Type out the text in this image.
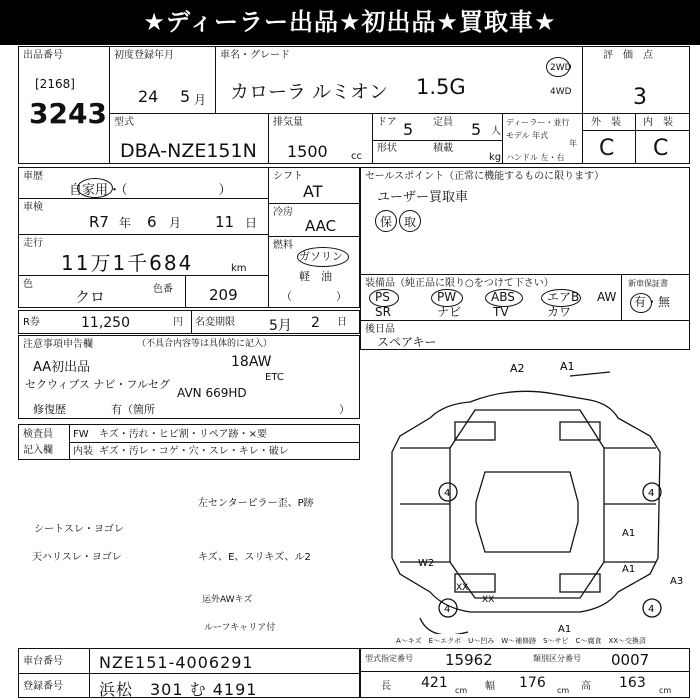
★ディーラー出品★初出品★買取車★
出品番号
[2168]
3243
初度登録年月
24 5 月
車名・グレード
カローラ ルミオン 1.5G
2WD
4WD
評　価　点
3
型式
DBA-NZE151N
排気量
1500 cc
ドア 5 定員 5 人
形状	積載
kg
ディーラー・並行
モデル 年式
年
ハンドル 左・右
外　装 内　装
C C
車歴
自家用・（　　　　　　　）
車検
R7 年 6 月 11 日
走行
11万1千684	km
色
クロ	色番 209
シフト
AT
冷房
AAC
燃料
ガソリン
軽　油
（　　　　）
R券	11,250	円 名変期限 5月 2 日
注意事項申告欄	（不具合内容等は具体的に記入）
AA初出品	18AW
ETC
セクウィブス ナビ・フルセグ
AVN 669HD
修復歴	有（箇所	）
セールスポイント（正常に機能するものに限ります）
ユーザー買取車
保 取
装備品（純正品に限り○をつけて下さい）
PS	PW	ABS	エアB AW
SR	ナビ	TV	カワ
新車保証書
有・無
後日品
スペアキー
検査員
記入欄
FW キズ・汚れ・ヒビ割・リペア跡・×要
内装 ギズ・汚レ・コゲ・穴・スレ・キレ・破レ
シートスレ・ヨゴレ
天ハリスレ・ヨゴレ
左センターピラー歪、P跡
キズ、E、スリキズ、ル2
运外AWキズ
ルーフキャリア付
A2	A1
4	4
4	4
W2
XX
XX
A3
A1
A1
A1
A～キズ　E～エクボ　U～凹み　W～補修跡　S～サビ　C～腐食　XX～交換済
車台番号 NZE151-4006291
登録番号 浜松　301 む 4191
型式指定番号 15962	類別区分番号 0007
長 421 cm 幅 176 cm 高 163 cm
